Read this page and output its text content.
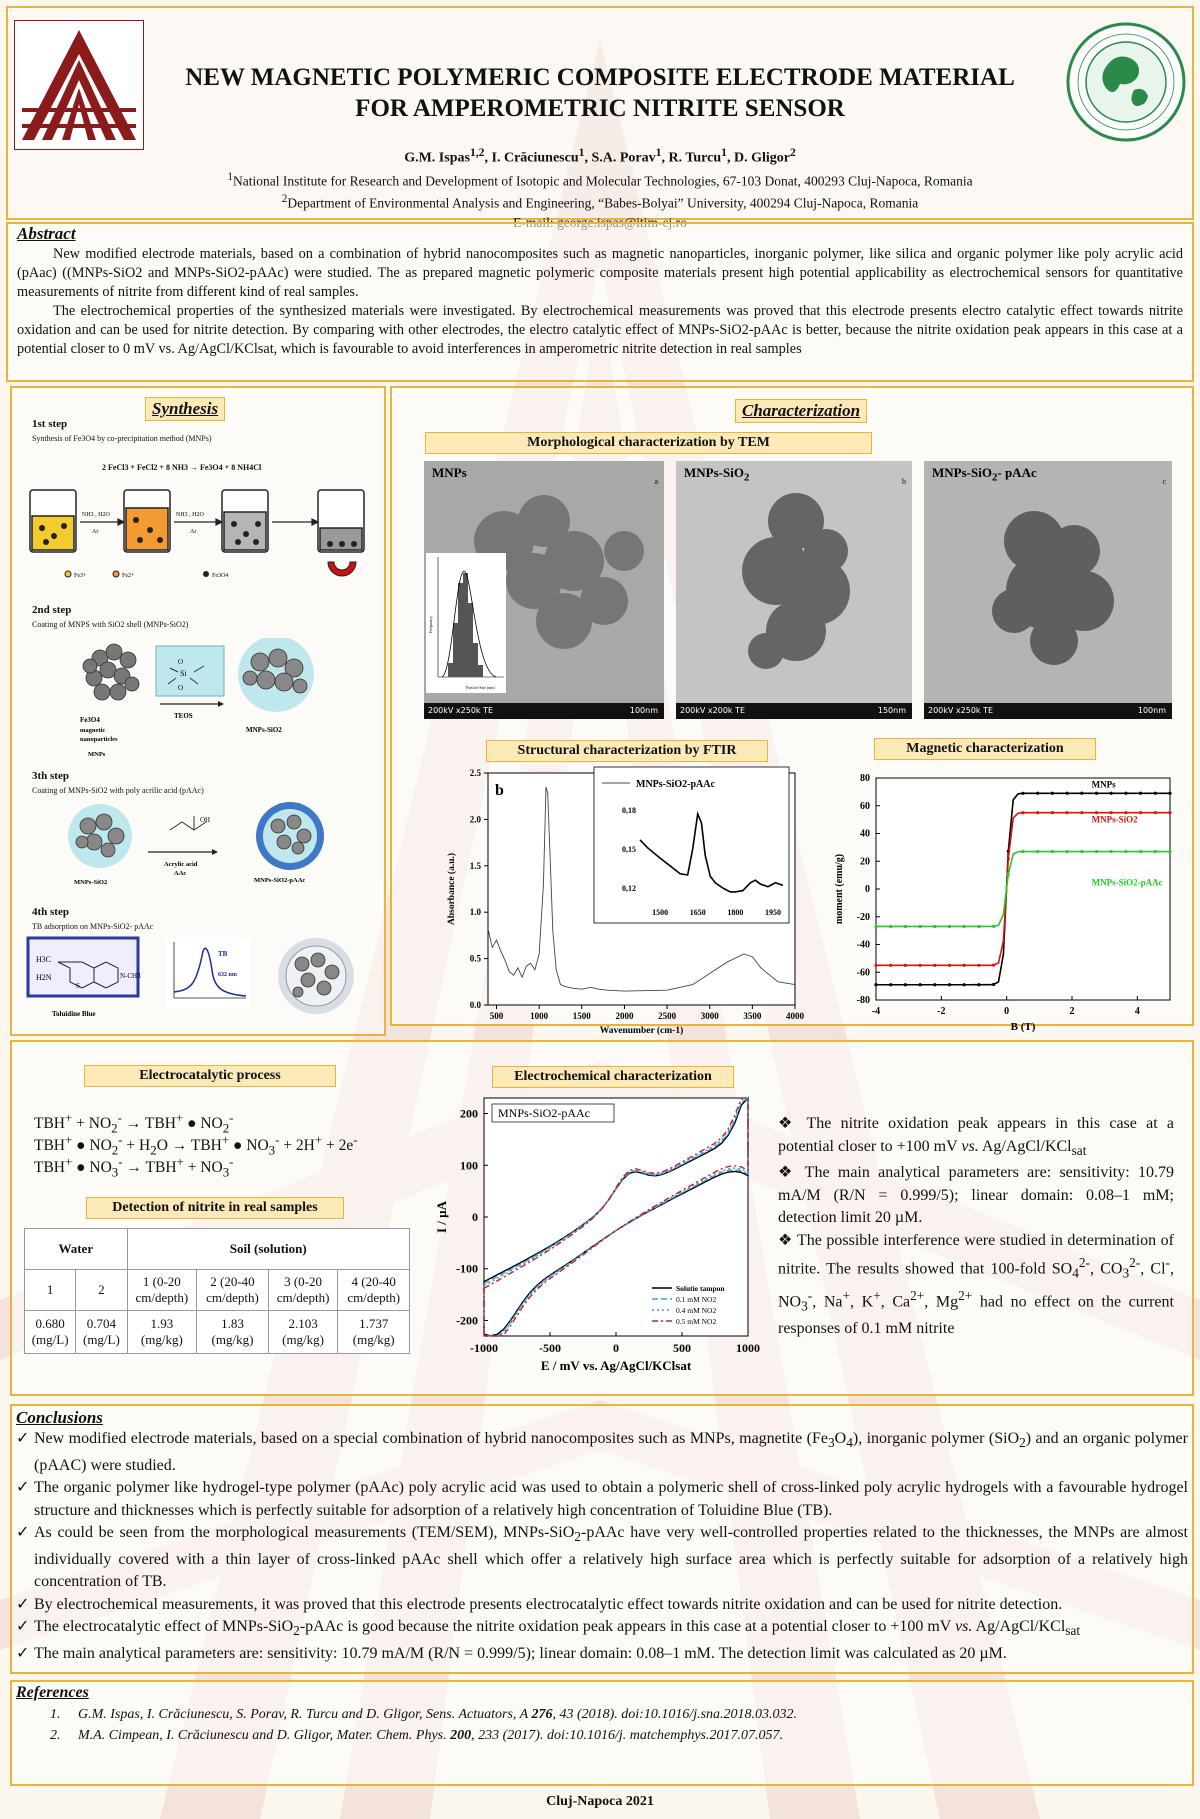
NEW MAGNETIC POLYMERIC COMPOSITE ELECTRODE MATERIAL
FOR AMPEROMETRIC NITRITE SENSOR
G.M. Ispas$^{1,2}$, I. Crăciunescu$^1$, S.A. Porav$^1$, R. Turcu$^1$, D. Gligor$^2$
$^1$National Institute for Research and Development of Isotopic and Molecular Technologies, 67-103 Donat, 400293 Cluj-Napoca, Romania
$^2$Department of Environmental Analysis and Engineering, “Babes-Bolyai” University, 400294 Cluj-Napoca, Romania
Abstract

New modified electrode materials, based on a combination of hybrid nanocomposites such as magnetic nanoparticles, inorganic polymer, like silica and organic polymer like poly acrylic acid (pAac) ((MNPs-SiO2 and MNPs-SiO2-pAAc) were studied. The as prepared magnetic polymeric composite materials present high potential applicability as electrochemical sensors for quantitative measurements of nitrite from different kind of real samples.

The electrochemical properties of the synthesized materials were investigated. By electrochemical measurements was proved that this electrode presents electro catalytic effect towards nitrite oxidation and can be used for nitrite detection. By comparing with other electrodes, the electro catalytic effect of MNPs-SiO2-pAAc is better, because the nitrite oxidation peak appears in this case at a potential closer to 0 mV vs. Ag/AgCl/KClsat, which is favourable to avoid interferences in amperometric nitrite detection in real samples

Synthesis
1st step
Synthesis of Fe3O4 by co-precipitation method (MNPs)
2 FeCl3 + FeCl2 + 8 NH3 → Fe3O4 + 8 NH4Cl
NH3 , H2O
Ar
NH3 , H2O
Ar
Fe3+	Fe2+	Fe3O4
2nd step
Coating of MNPS with SiO2 shell (MNPs-SiO2)
O
Si
O
TEOS
Fe3O4
magnetic
nanoparticles
MNPs
MNPs-SiO2
3th step
Coating of MNPs-SiO2 with poly acrilic acid (pAAc)
OH
MNPs-SiO2
Acrylic acid
AAc
MNPs-SiO2-pAAc
4th step
TB adsorption on MNPs-SiO2- pAAc
H3C
H2N
S
N-CH3
Toluidine Blue
TB
632 nm
Characterization
Morphological characterization by TEM
MNPs
a
Particle Size (nm)
Frequency
200kV x250k TE	100nm
MNPs-SiO$_2$	b
200kV x200k TE	150nm
MNPs-SiO$_2$- pAAc
c
200kV x250k TE	100nm
Structural characterization by FTIR	Magnetic characterization
500	1000	1500	2000	2500	3000	3500	4000
0.0
0.5
1.0
1.5
2.0
2.5
b
Wavenumber (cm-1)
Absorbance (a.u.)
MNPs-SiO2-pAAc
1500	1650	1800	1950
0,12
0,15
0,18
-4	-2	0	2	4
-80
-60
-40
-20
0
20
40
60
80
MNPs
MNPs-SiO2
MNPs-SiO2-pAAc
B (T)
moment (emu/g)
Electrocatalytic process
$TBH^+ + NO_2^- \to TBH^+$ ● $NO_2^-$
TBH+ ● $NO_2^- + H_2O \to TBH^+$ ● $NO_3^- + 2H^+ + 2e^-$
TBH+ ● $NO_3^- \to TBH^+ + NO_3^-$
Detection of nitrite in real samples
Water		Soil (solution)			
1	2	1 (0-20 cm/depth)	2 (20-40 cm/depth)	3 (0-20 cm/depth)	4 (20-40 cm/depth)
0.680 (mg/L)	0.704 (mg/L)	1.93 (mg/kg)	1.83 (mg/kg)	2.103 (mg/kg)	1.737 (mg/kg)
Electrochemical characterization
-1000	-500	0	500	1000
-200
-100
0
100
200 MNPs-SiO2-pAAc
Solutie tampon
0.1 mM NO2
0.4 mM NO2
0.5 mM NO2
E / mV vs. Ag/AgCl/KClsat
I / µA
❖ The nitrite oxidation peak appears in this case at a potential closer to +100 mV vs. Ag/AgCl/KCl$_{sat}$
❖ The main analytical parameters are: sensitivity: 10.79 mA/M (R/N = 0.999/5); linear domain: 0.08–1 mM; detection limit 20 µM.
❖ The possible interference were studied in determination of nitrite. The results showed that 100-fold $SO_4^{2-}$, $CO_3^{2-}$, Cl-, $NO_3^-$, Na+, K+, $Ca^{2+}$, $Mg^{2+}$ had no effect on the current responses of 0.1 mM nitrite
Conclusions

✓ New modified electrode materials, based on a special combination of hybrid nanocomposites such as MNPs, magnetite $(Fe_3O_4)$, inorganic polymer (SiO$_2$) and an organic polymer (pAAC) were studied.

✓ The organic polymer like hydrogel-type polymer (pAAc) poly acrylic acid was used to obtain a polymeric shell of cross-linked poly acrylic hydrogels with a favourable hydrogel structure and thicknesses which is perfectly suitable for adsorption of a relatively high concentration of Toluidine Blue (TB).

✓ As could be seen from the morphological measurements (TEM/SEM), MNPs-SiO$_2$-pAAc have very well-controlled properties related to the thicknesses, the MNPs are almost individually covered with a thin layer of cross-linked pAAc shell which offer a relatively high surface area which is perfectly suitable for adsorption of a relatively high concentration of TB.

✓ By electrochemical measurements, it was proved that this electrode presents electrocatalytic effect towards nitrite oxidation and can be used for nitrite detection.

✓ The electrocatalytic effect of MNPs-SiO$_2$-pAAc is good because the nitrite oxidation peak appears in this case at a potential closer to +100 mV vs. Ag/AgCl/KCl$_{sat}$

✓ The main analytical parameters are: sensitivity: 10.79 mA/M (R/N = 0.999/5); linear domain: 0.08–1 mM. The detection limit was calculated as 20 µM.

References
1.     G.M. Ispas, I. Crăciunescu, S. Porav, R. Turcu and D. Gligor, Sens. Actuators, A 276, 43 (2018). doi:10.1016/j.sna.2018.03.032.
2.     M.A. Cimpean, I. Crăciunescu and D. Gligor, Mater. Chem. Phys. 200, 233 (2017). doi:10.1016/j. matchemphys.2017.07.057.
Cluj-Napoca 2021
